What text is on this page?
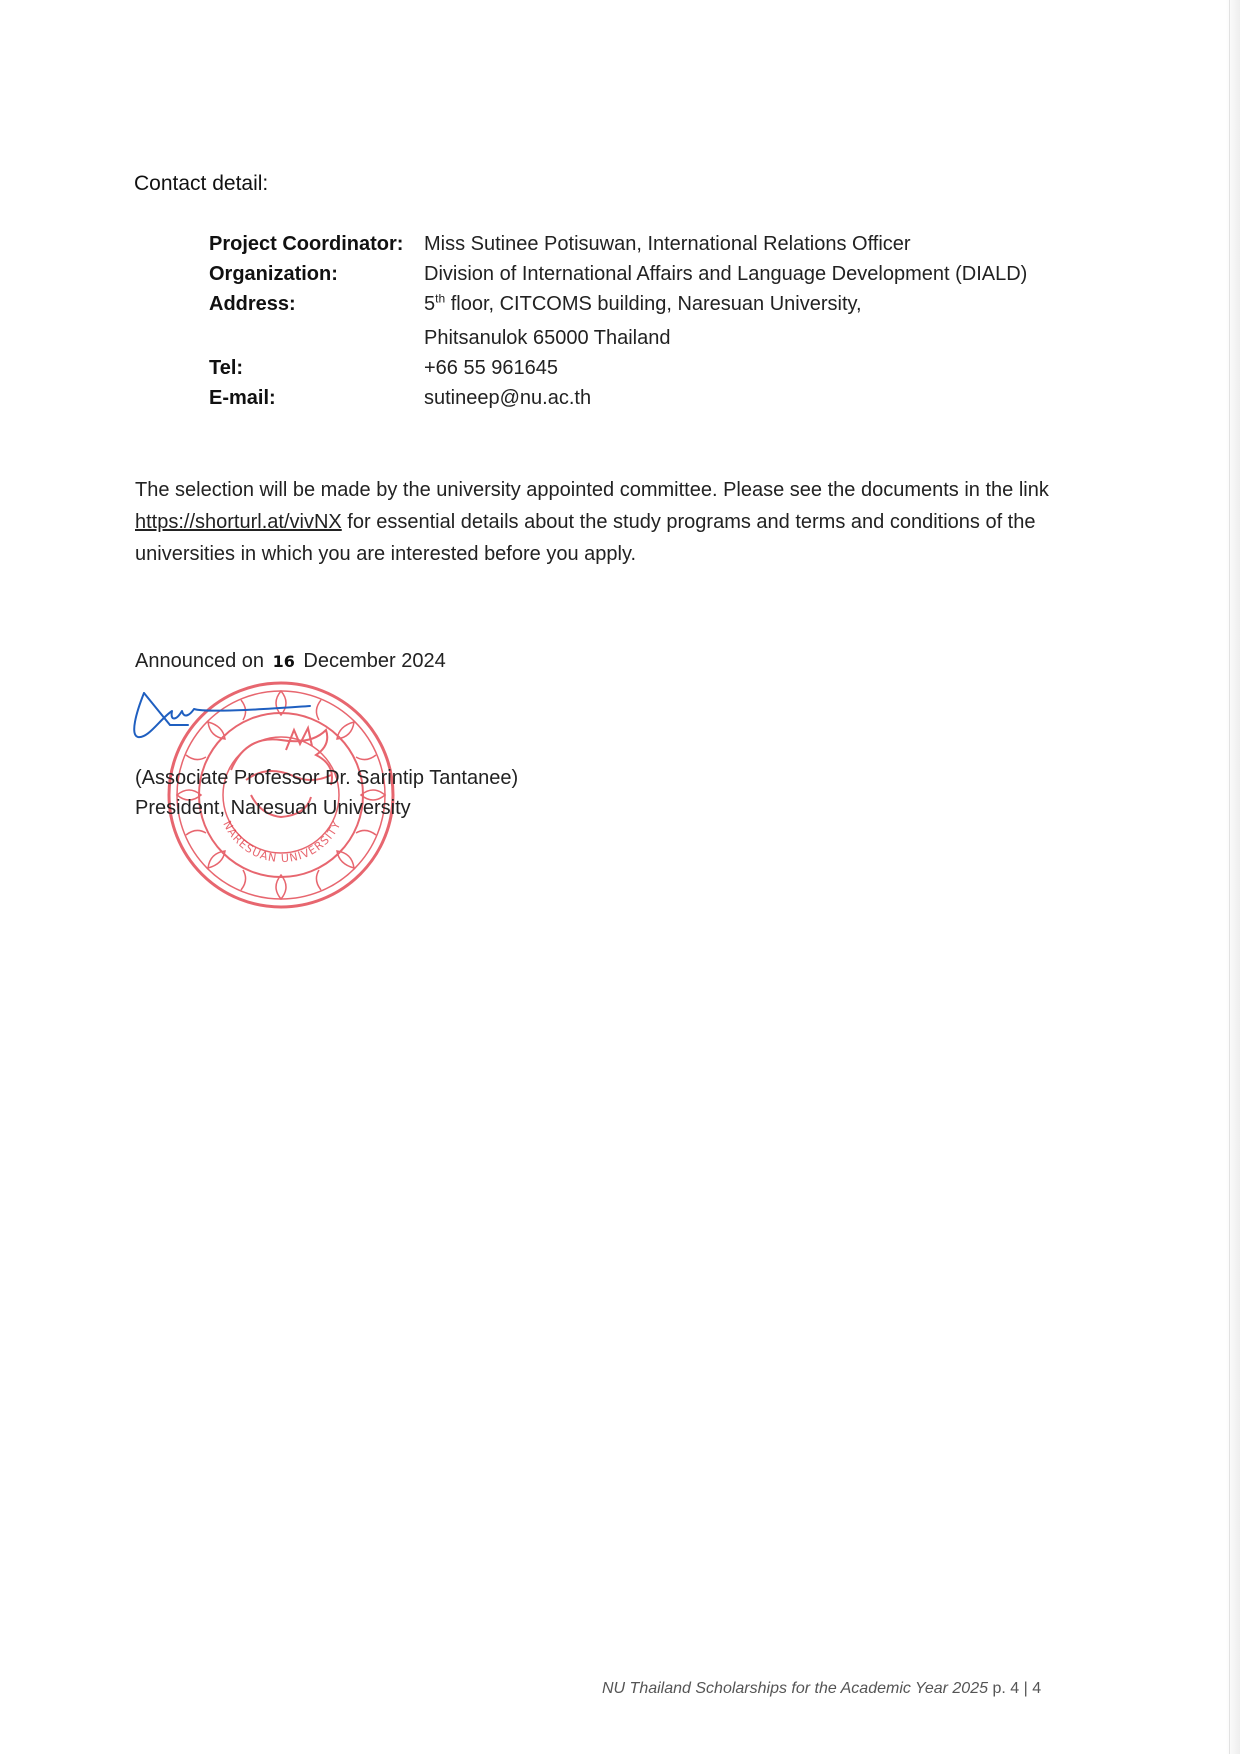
Contact detail:
Project Coordinator:	Miss Sutinee Potisuwan, International Relations Officer
Organization:	Division of International Affairs and Language Development (DIALD)
Address:	5th floor, CITCOMS building, Naresuan University,
Phitsanulok 65000 Thailand
Tel:	+66 55 961645
E-mail:	sutineep@nu.ac.th
The selection will be made by the university appointed committee. Please see the documents in the link https://shorturl.at/vivNX for essential details about the study programs and terms and conditions of the universities in which you are interested before you apply.
Announced on 16 December 2024
NARESUAN UNIVERSITY
(Associate Professor Dr. Sarintip Tantanee)
President, Naresuan University
NU Thailand Scholarships for the Academic Year 2025 p. 4 | 4
